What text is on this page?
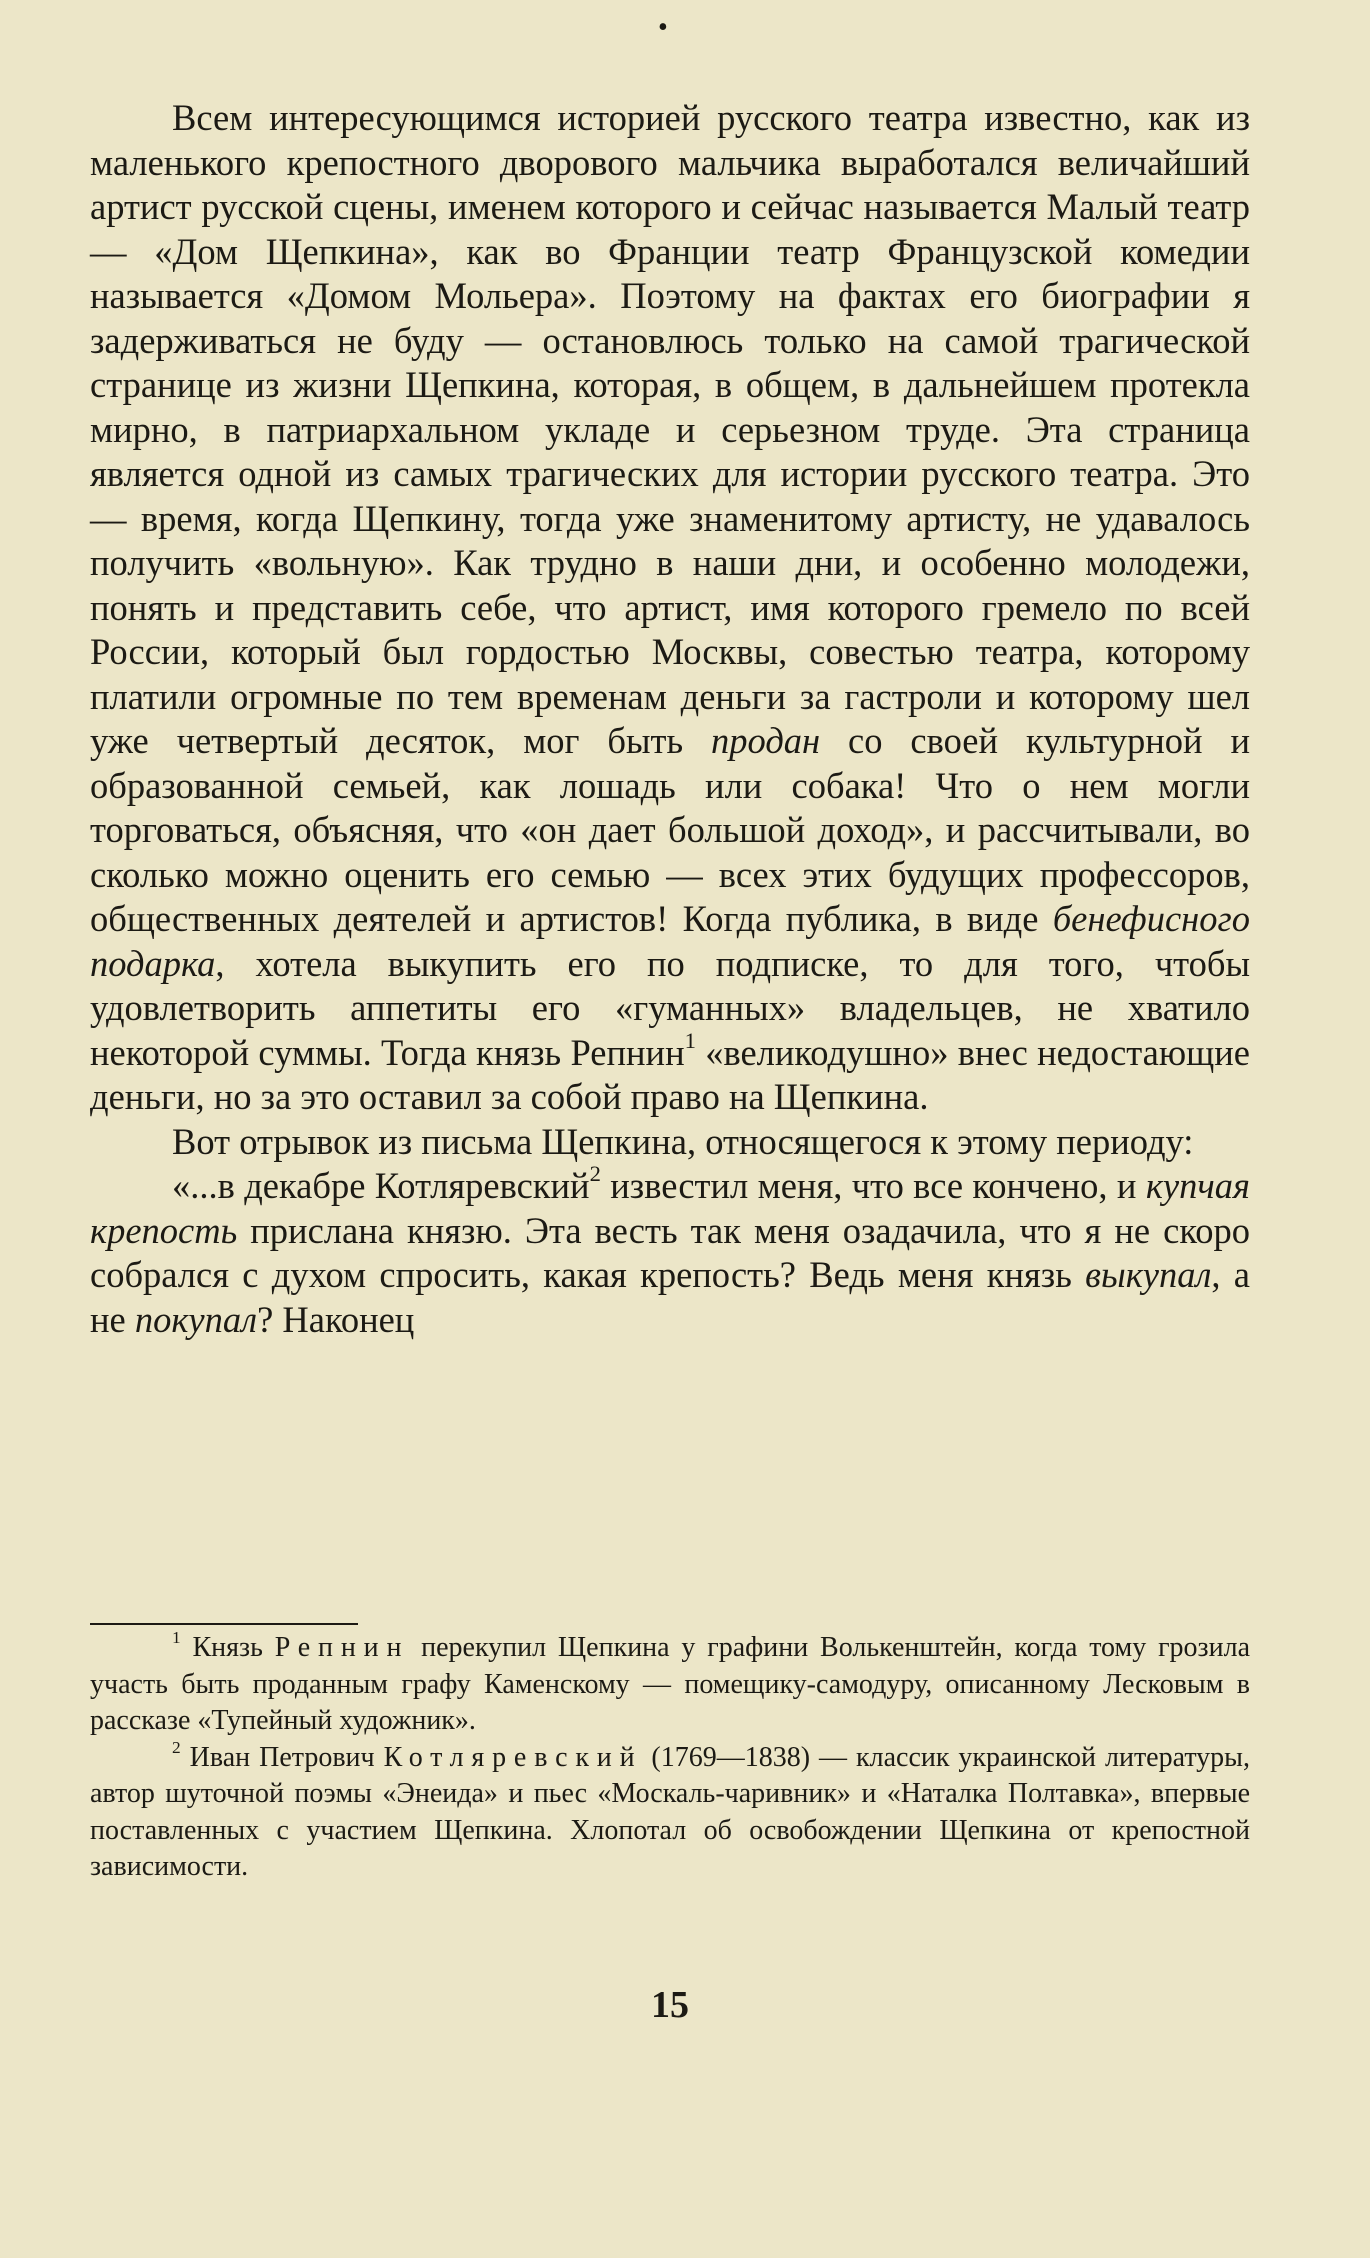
•

Всем интересующимся историей русского театра известно, как из маленького крепостного дворового мальчика выработался величайший артист русской сцены, именем которого и сейчас называется Малый театр — «Дом Щепкина», как во Франции театр Французской комедии называется «Домом Мольера». Поэтому на фактах его биографии я задерживаться не буду — остановлюсь только на самой трагической странице из жизни Щепкина, которая, в общем, в дальнейшем протекла мирно, в патриархальном укладе и серьезном труде. Эта страница является одной из самых трагических для истории русского театра. Это — время, когда Щепкину, тогда уже знаменитому артисту, не удавалось получить «вольную». Как трудно в наши дни, и особенно молодежи, понять и представить себе, что артист, имя которого гремело по всей России, который был гордостью Москвы, совестью театра, которому платили огромные по тем временам деньги за гастроли и которому шел уже четвертый десяток, мог быть продан со своей культурной и образованной семьей, как лошадь или собака! Что о нем могли торговаться, объясняя, что «он дает большой доход», и рассчитывали, во сколько можно оценить его семью — всех этих будущих профессоров, общественных деятелей и артистов! Когда публика, в виде бенефисного подарка, хотела выкупить его по подписке, то для того, чтобы удовлетворить аппетиты его «гуманных» владельцев, не хватило некоторой суммы. Тогда князь Репнин$^1$ «великодушно» внес недостающие деньги, но за это оставил за собой право на Щепкина.

Вот отрывок из письма Щепкина, относящегося к этому периоду:

«...в декабре Котляревский$^2$ известил меня, что все кончено, и купчая крепость прислана князю. Эта весть так меня озадачила, что я не скоро собрался с духом спросить, какая крепость? Ведь меня князь выкупал, а не покупал? Наконец

$^1$ Князь Репнин перекупил Щепкина у графини Волькенштейн, когда тому грозила участь быть проданным графу Каменскому — помещику-самодуру, описанному Лесковым в рассказе «Тупейный художник».

$^2$ Иван Петрович Котляревский (1769—1838) — классик украинской литературы, автор шуточной поэмы «Энеида» и пьес «Москаль-чаривник» и «Наталка Полтавка», впервые поставленных с участием Щепкина. Хлопотал об освобождении Щепкина от крепостной зависимости.

15
